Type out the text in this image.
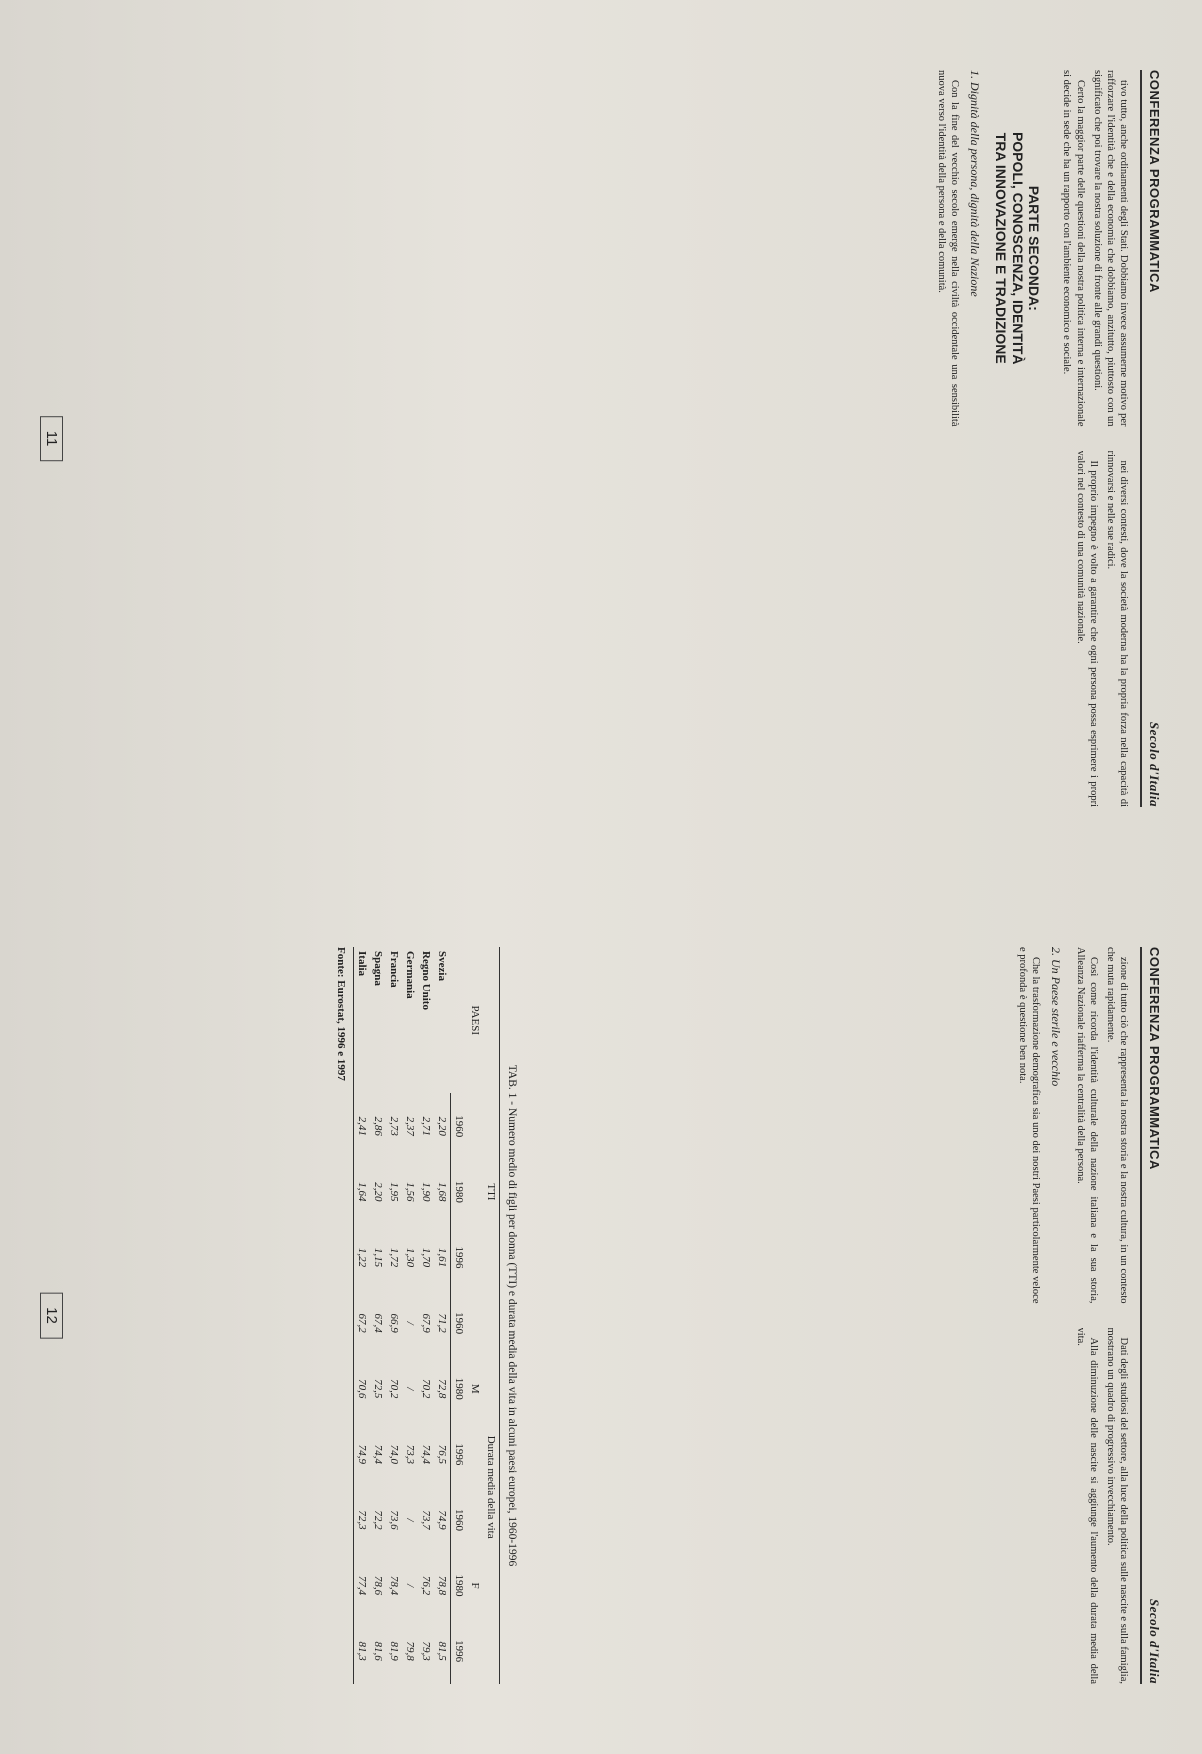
CONFERENZA PROGRAMMATICA
Secolo d'Italia

tivo tutto, anche ordinamenti degli Stati. Dobbiamo invece assumerne motivo per rafforzare l'identità che e della economia che dobbiamo, anzitutto, piuttosto con un significato che poi trovare la nostra soluzione di fronte alle grandi questioni.

Certo la maggior parte delle questioni della nostra politica interna e internazionale si decide in sede che ha un rapporto con l'ambiente economico e sociale.

PARTE SECONDA:
POPOLI, CONOSCENZA, IDENTITÀ
TRA INNOVAZIONE E TRADIZIONE
1. Dignità della persona, dignità della Nazione

Con la fine del vecchio secolo emerge nella civiltà occidentale una sensibilità nuova verso l'identità della persona e della comunità.

nei diversi contesti, dove la società moderna ha la propria forza nella capacità di rinnovarsi e nelle sue radici.

Il proprio impegno è volto a garantire che ogni persona possa esprimere i propri valori nel contesto di una comunità nazionale.

11
CONFERENZA PROGRAMMATICA
Secolo d'Italia

zione di tutto ciò che rappresenta la nostra storia e la nostra cultura, in un contesto che muta rapidamente.

Così come ricorda l'identità culturale della nazione italiana e la sua storia, Alleanza Nazionale riafferma la centralità della persona.

2. Un Paese sterile e vecchio

Che la trasformazione demografica sia uno dei nostri Paesi particolarmente veloce e profonda è questione ben nota.

Dati degli studiosi del settore, alla luce della politica sulle nascite e sulla famiglia, mostrano un quadro di progressivo invecchiamento.

Alla diminuzione delle nascite si aggiunge l'aumento della durata media della vita.

TAB. 1 - Numero medio di figli per donna (TTI) e durata media della vita in alcuni paesi europei, 1960-1996
PAESI	TTI			Durata media della vita					
				M			F		
	1960	1980	1996	1960	1980	1996	1960	1980	1996
Svezia	2,20	1,68	1,61	71,2	72,8	76,5	74,9	78,8	81,5
Regno Unito	2,71	1,90	1,70	67,9	70,2	74,4	73,7	76,2	79,3
Germania	2,37	1,56	1,30	/	/	73,3	/	/	79,8
Francia	2,73	1,95	1,72	66,9	70,2	74,0	73,6	78,4	81,9
Spagna	2,86	2,20	1,15	67,4	72,5	74,4	72,2	78,6	81,6
Italia	2,41	1,64	1,22	67,2	70,6	74,9	72,3	77,4	81,3
Fonte: Eurostat, 1996 e 1997
12
